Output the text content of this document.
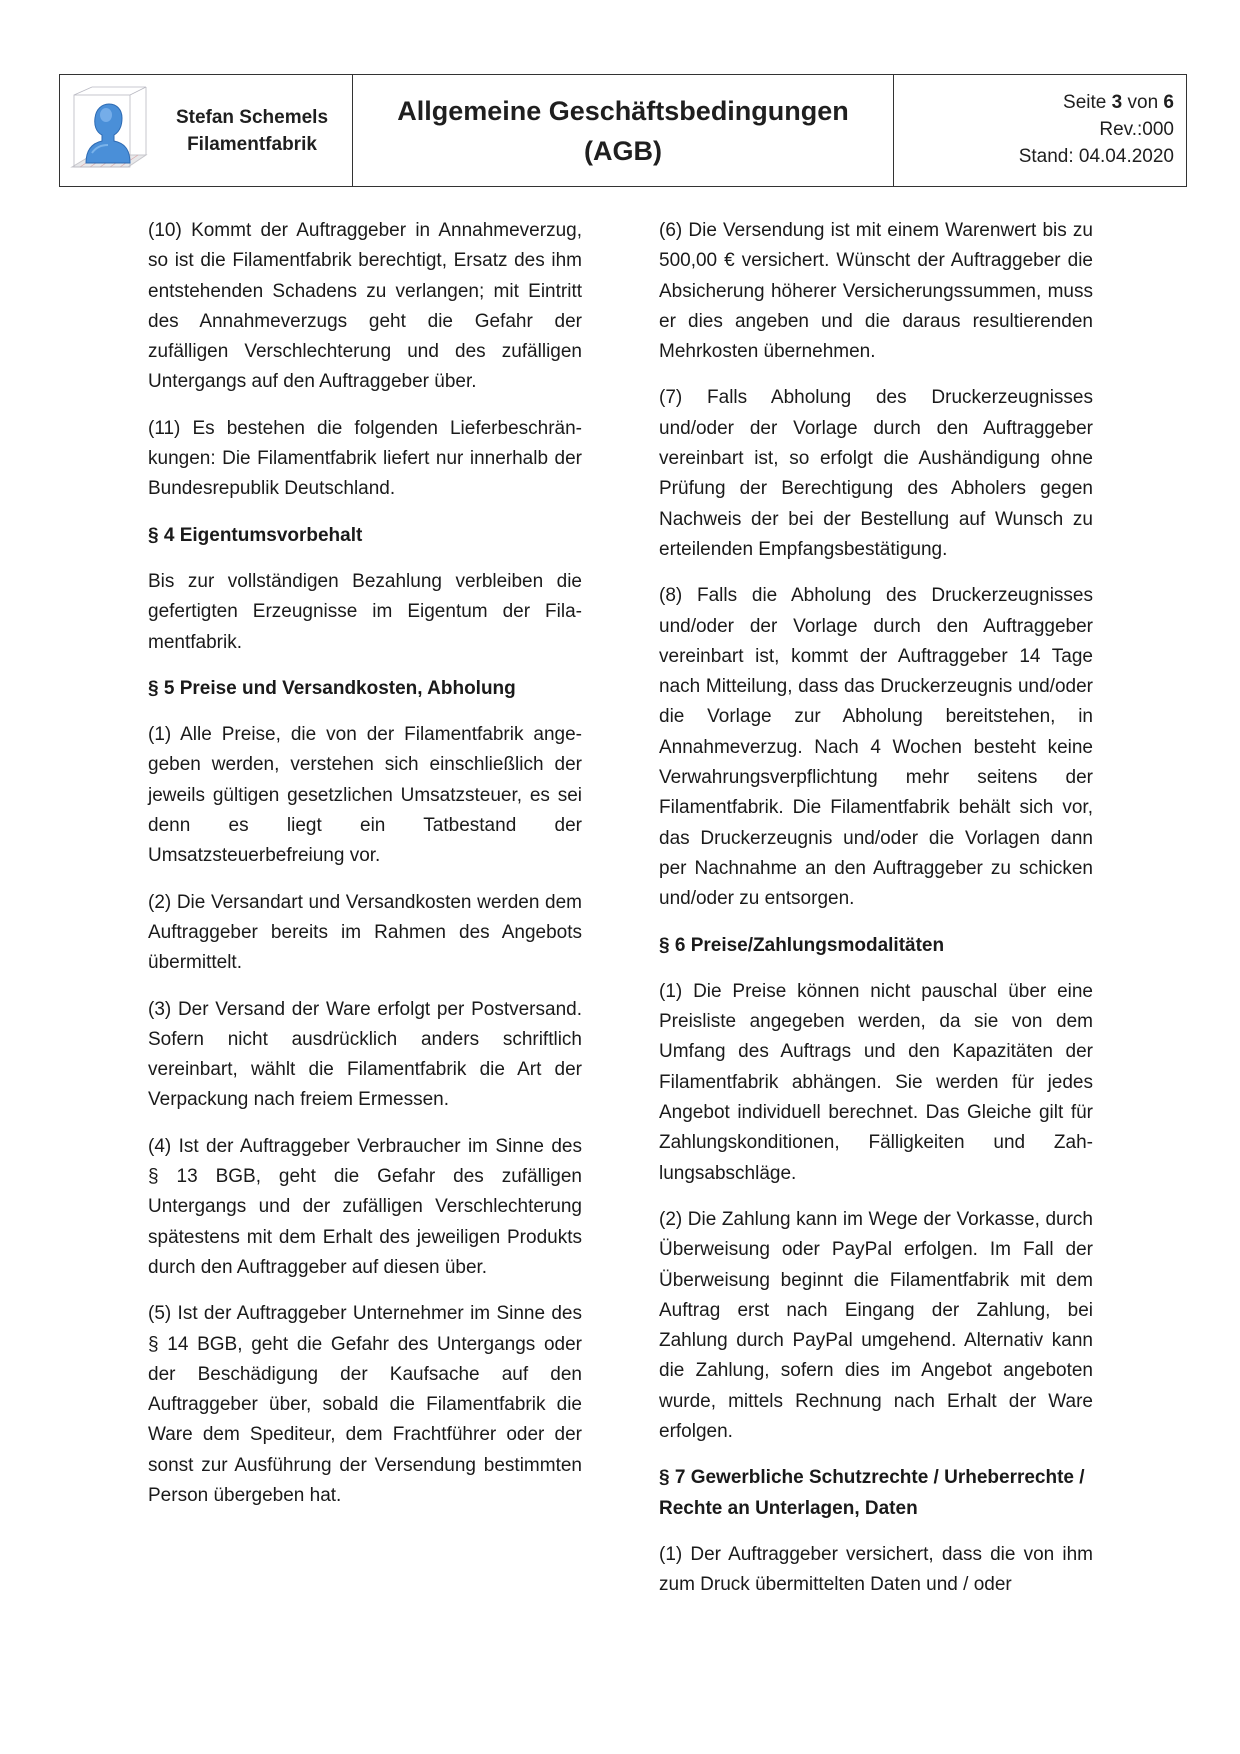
Stefan Schemels
Filamentfabrik
Allgemeine Geschäftsbedingungen
(AGB)
Seite 3 von 6
Rev.:000
Stand: 04.04.2020

(10) Kommt der Auftraggeber in Annahmeverzug, so ist die Filamentfabrik berechtigt, Ersatz des ihm entstehenden Schadens zu verlangen; mit Eintritt des Annahmeverzugs geht die Gefahr der zufälligen Verschlechterung und des zufälligen Untergangs auf den Auftraggeber über.

(11) Es bestehen die folgenden Lieferbeschränkungen: Die Filamentfabrik liefert nur innerhalb der Bundesrepublik Deutschland.

§ 4 Eigentumsvorbehalt

Bis zur vollständigen Bezahlung verbleiben die gefertigten Erzeugnisse im Eigentum der Filamentfabrik.

§ 5 Preise und Versandkosten, Abholung

(1) Alle Preise, die von der Filamentfabrik angegeben werden, verstehen sich einschließlich der jeweils gültigen gesetzlichen Umsatzsteuer, es sei denn es liegt ein Tatbestand der Umsatzsteuerbefreiung vor.

(2) Die Versandart und Versandkosten werden dem Auftraggeber bereits im Rahmen des Angebots übermittelt.

(3) Der Versand der Ware erfolgt per Postversand. Sofern nicht ausdrücklich anders schriftlich vereinbart, wählt die Filamentfabrik die Art der Verpackung nach freiem Ermessen.

(4) Ist der Auftraggeber Verbraucher im Sinne des § 13 BGB, geht die Gefahr des zufälligen Untergangs und der zufälligen Verschlechterung spätestens mit dem Erhalt des jeweiligen Produkts durch den Auftraggeber auf diesen über.

(5) Ist der Auftraggeber Unternehmer im Sinne des § 14 BGB, geht die Gefahr des Untergangs oder der Beschädigung der Kaufsache auf den Auftraggeber über, sobald die Filamentfabrik die Ware dem Spediteur, dem Frachtführer oder der sonst zur Ausführung der Versendung bestimmten Person übergeben hat.

(6) Die Versendung ist mit einem Warenwert bis zu 500,00 € versichert. Wünscht der Auftraggeber die Absicherung höherer Versicherungssummen, muss er dies angeben und die daraus resultierenden Mehrkosten übernehmen.

(7) Falls Abholung des Druckerzeugnisses und/oder der Vorlage durch den Auftraggeber vereinbart ist, so erfolgt die Aushändigung ohne Prüfung der Berechtigung des Abholers gegen Nachweis der bei der Bestellung auf Wunsch zu erteilenden Empfangsbestätigung.

(8) Falls die Abholung des Druckerzeugnisses und/oder der Vorlage durch den Auftraggeber vereinbart ist, kommt der Auftraggeber 14 Tage nach Mitteilung, dass das Druckerzeugnis und/oder die Vorlage zur Abholung bereitstehen, in Annahmeverzug. Nach 4 Wochen besteht keine Verwahrungsverpflichtung mehr seitens der Filamentfabrik. Die Filamentfabrik behält sich vor, das Druckerzeugnis und/oder die Vorlagen dann per Nachnahme an den Auftraggeber zu schicken und/oder zu entsorgen.

§ 6 Preise/Zahlungsmodalitäten

(1) Die Preise können nicht pauschal über eine Preisliste angegeben werden, da sie von dem Umfang des Auftrags und den Kapazitäten der Filamentfabrik abhängen. Sie werden für jedes Angebot individuell berechnet. Das Gleiche gilt für Zahlungskonditionen, Fälligkeiten und Zahlungsabschläge.

(2) Die Zahlung kann im Wege der Vorkasse, durch Überweisung oder PayPal erfolgen. Im Fall der Überweisung beginnt die Filamentfabrik mit dem Auftrag erst nach Eingang der Zahlung, bei Zahlung durch PayPal umgehend. Alternativ kann die Zahlung, sofern dies im Angebot angeboten wurde, mittels Rechnung nach Erhalt der Ware erfolgen.

§ 7 Gewerbliche Schutzrechte / Urheberrechte / Rechte an Unterlagen, Daten

(1) Der Auftraggeber versichert, dass die von ihm zum Druck übermittelten Daten und / oder
